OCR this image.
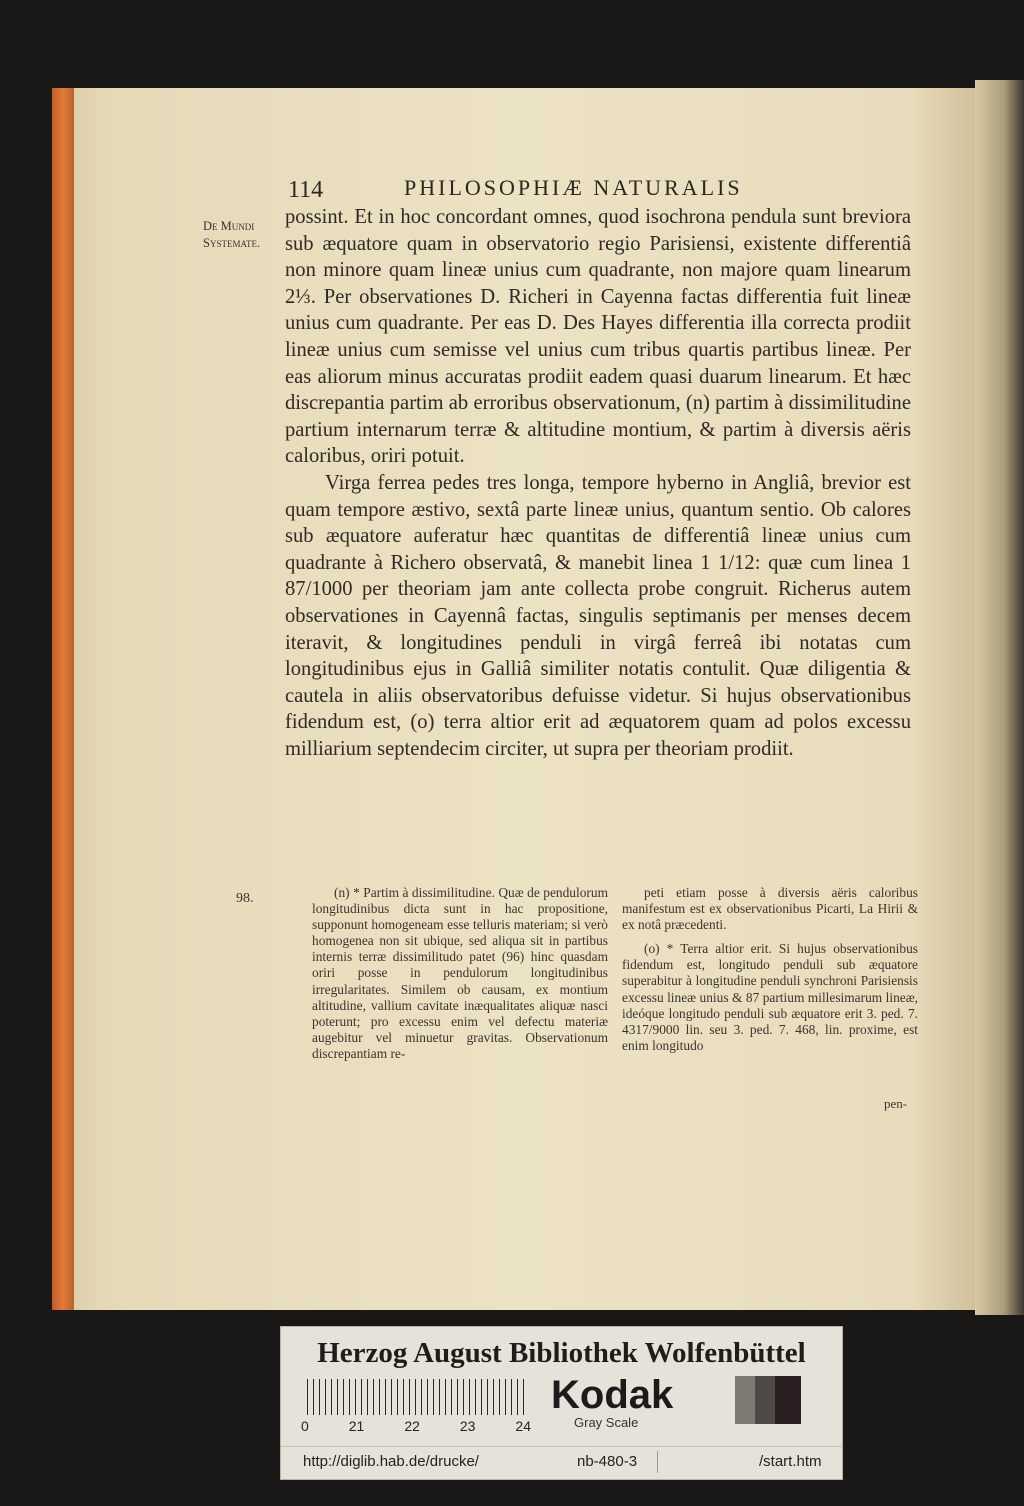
114	PHILOSOPHIÆ NATURALIS
De Mundi Systemate.

possint. Et in hoc concordant omnes, quod isochrona pendula sunt breviora sub æquatore quam in observatorio regio Parisiensi, existente differentiâ non minore quam lineæ unius cum quadrante, non majore quam linearum 2⅓. Per observationes D. Richeri in Cayenna factas differentia fuit lineæ unius cum quadrante. Per eas D. Des Hayes differentia illa correcta prodiit lineæ unius cum semisse vel unius cum tribus quartis partibus lineæ. Per eas aliorum minus accuratas prodiit eadem quasi duarum linearum. Et hæc discrepantia partim ab erroribus observationum, (n) partim à dissimilitudine partium internarum terræ & altitudine montium, & partim à diversis aëris caloribus, oriri potuit.

Virga ferrea pedes tres longa, tempore hyberno in Angliâ, brevior est quam tempore æstivo, sextâ parte lineæ unius, quantum sentio. Ob calores sub æquatore auferatur hæc quantitas de differentiâ lineæ unius cum quadrante à Richero observatâ, & manebit linea 1 1/12: quæ cum linea 1 87/1000 per theoriam jam ante collecta probe congruit. Richerus autem observationes in Cayennâ factas, singulis septimanis per menses decem iteravit, & longitudines penduli in virgâ ferreâ ibi notatas cum longitudinibus ejus in Galliâ similiter notatis contulit. Quæ diligentia & cautela in aliis observatoribus defuisse videtur. Si hujus observationibus fidendum est, (o) terra altior erit ad æquatorem quam ad polos excessu milliarium septendecim circiter, ut supra per theoriam prodiit.

98.	(n) * Partim à dissimilitudine. Quæ de pendulorum longitudinibus dicta sunt in hac propositione, supponunt homogeneam esse telluris materiam; si verò homogenea non sit ubique, sed aliqua sit in partibus internis terræ dissimilitudo patet (96) hinc quasdam oriri posse in pendulorum longitudinibus irregularitates. Similem ob causam, ex montium altitudine, vallium cavitate inæqualitates aliquæ nasci poterunt; pro excessu enim vel defectu materiæ augebitur vel minuetur gravitas. Observationum discrepantiam re-

peti etiam posse à diversis aëris caloribus manifestum est ex observationibus Picarti, La Hirii & ex notâ præcedenti.

(o) * Terra altior erit. Si hujus observationibus fidendum est, longitudo penduli sub æquatore superabitur à longitudine penduli synchroni Parisiensis excessu lineæ unius & 87 partium millesimarum lineæ, ideóque longitudo penduli sub æquatore erit 3. ped. 7. 4317/9000 lin. seu 3. ped. 7. 468, lin. proxime, est enim longitudo

pen-
Herzog August Bibliothek Wolfenbüttel
0	21	22	23	24
Kodak
Gray Scale
http://diglib.hab.de/drucke/	nb-480-3	/start.htm
